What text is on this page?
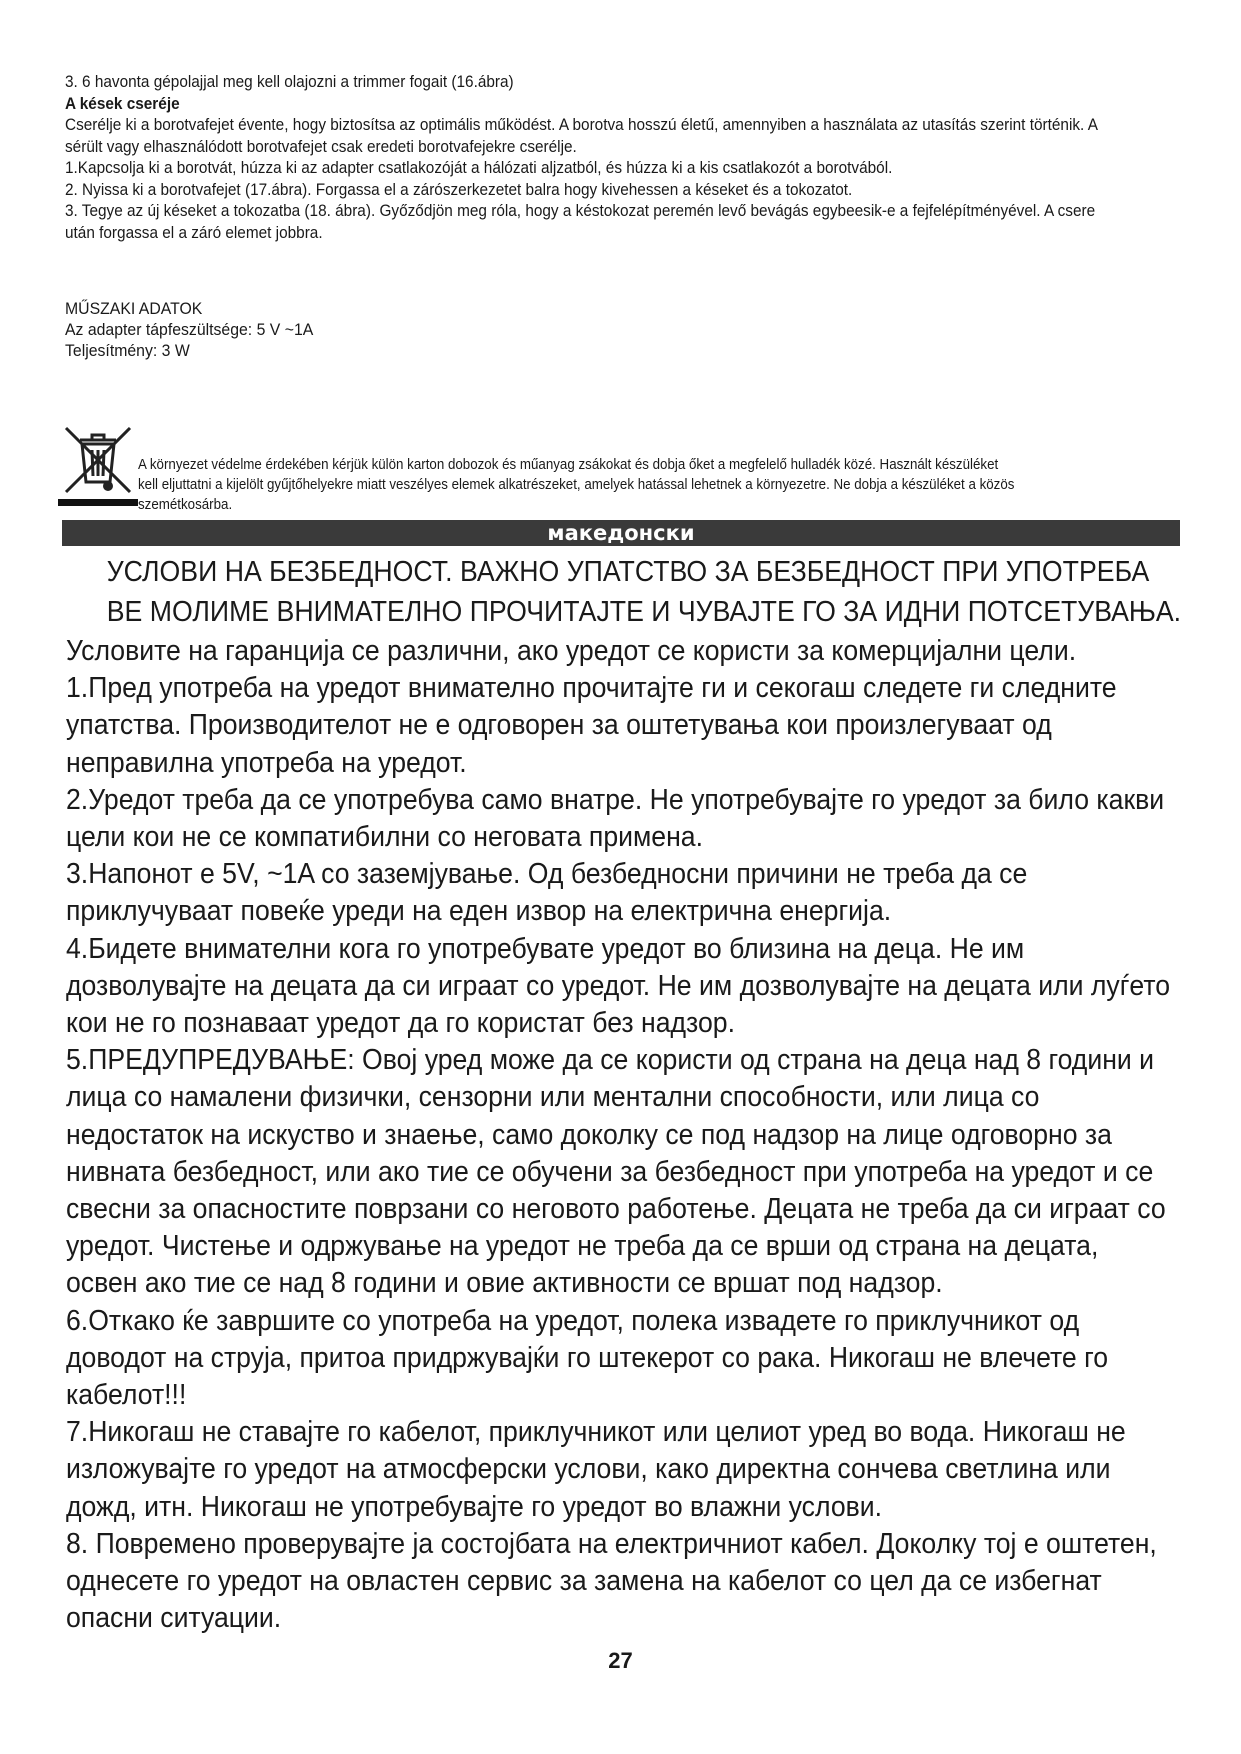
3. 6 havonta gépolajjal meg kell olajozni a trimmer fogait (16.ábra)

A kések cseréje

Cserélje ki a borotvafejet évente, hogy biztosítsa az optimális működést. A borotva hosszú életű, amennyiben a használata az utasítás szerint történik. A sérült vagy elhasználódott borotvafejet csak eredeti borotvafejekre cserélje.

1.Kapcsolja ki a borotvát, húzza ki az adapter csatlakozóját a hálózati aljzatból, és húzza ki a kis csatlakozót a borotvából.

2. Nyissa ki a borotvafejet (17.ábra). Forgassa el a zárószerkezetet balra hogy kivehessen a késeket és a tokozatot.

3. Tegye az új késeket a tokozatba (18. ábra). Győződjön meg róla, hogy a késtokozat peremén levő bevágás egybeesik-e a fejfelépítményével. A csere után forgassa el a záró elemet jobbra.

MŰSZAKI ADATOK

Az adapter tápfeszültsége: 5 V ~1A

Teljesítmény: 3 W

A környezet védelme érdekében kérjük külön karton dobozok és műanyag zsákokat és dobja őket a megfelelő hulladék közé. Használt készüléket
kell eljuttatni a kijelölt gyűjtőhelyekre miatt veszélyes elemek alkatrészeket, amelyek hatással lehetnek a környezetre. Ne dobja a készüléket a közös
szemétkosárba.
македонски
УСЛОВИ НА БЕЗБЕДНОСТ. ВАЖНО УПАТСТВО ЗА БЕЗБЕДНОСТ ПРИ УПОТРЕБА
ВЕ МОЛИМЕ ВНИМАТЕЛНО ПРОЧИТАЈТЕ И ЧУВАЈТЕ ГО ЗА ИДНИ ПОТСЕТУВАЊА.

Условите на гаранција се различни, ако уредот се користи за комерцијални цели.

1.Пред употреба на уредот внимателно прочитајте ги и секогаш следете ги следните упатства. Производителот не е одговорен за оштетувања кои произлегуваат од неправилна употреба на уредот.

2.Уредот треба да се употребува само внатре. Не употребувајте го уредот за било какви цели кои не се компатибилни со неговата примена.

3.Напонот е 5V, ~1A со заземјување. Од безбедносни причини не треба да се приклучуваат повеќе уреди на еден извор на електрична енергија.

4.Бидете внимателни кога го употребувате уредот во близина на деца. Не им дозволувајте на децата да си играат со уредот. Не им дозволувајте на децата или луѓето кои не го познаваат уредот да го користат без надзор.

5.ПРЕДУПРЕДУВАЊЕ: Овој уред може да се користи од страна на деца над 8 години и лица со намалени физички, сензорни или ментални способности, или лица со недостаток на искуство и знаење, само доколку се под надзор на лице одговорно за нивната безбедност, или ако тие се обучени за безбедност при употреба на уредот и се свесни за опасностите поврзани со неговото работење. Децата не треба да си играат со уредот. Чистење и одржување на уредот не треба да се врши од страна на децата, освен ако тие се над 8 години и овие активности се вршат под надзор.

6.Откако ќе завршите со употреба на уредот, полека извадете го приклучникот од доводот на струја, притоа придржувајќи го штекерот со рака. Никогаш не влечете го кабелот!!!

7.Никогаш не ставајте го кабелот, приклучникот или целиот уред во вода. Никогаш не изложувајте го уредот на атмосферски услови, како директна сончева светлина или дожд, итн. Никогаш не употребувајте го уредот во влажни услови.

8. Повремено проверувајте ја состојбата на електричниот кабел. Доколку тој е оштетен, однесете го уредот на овластен сервис за замена на кабелот со цел да се избегнат опасни ситуации.

27
